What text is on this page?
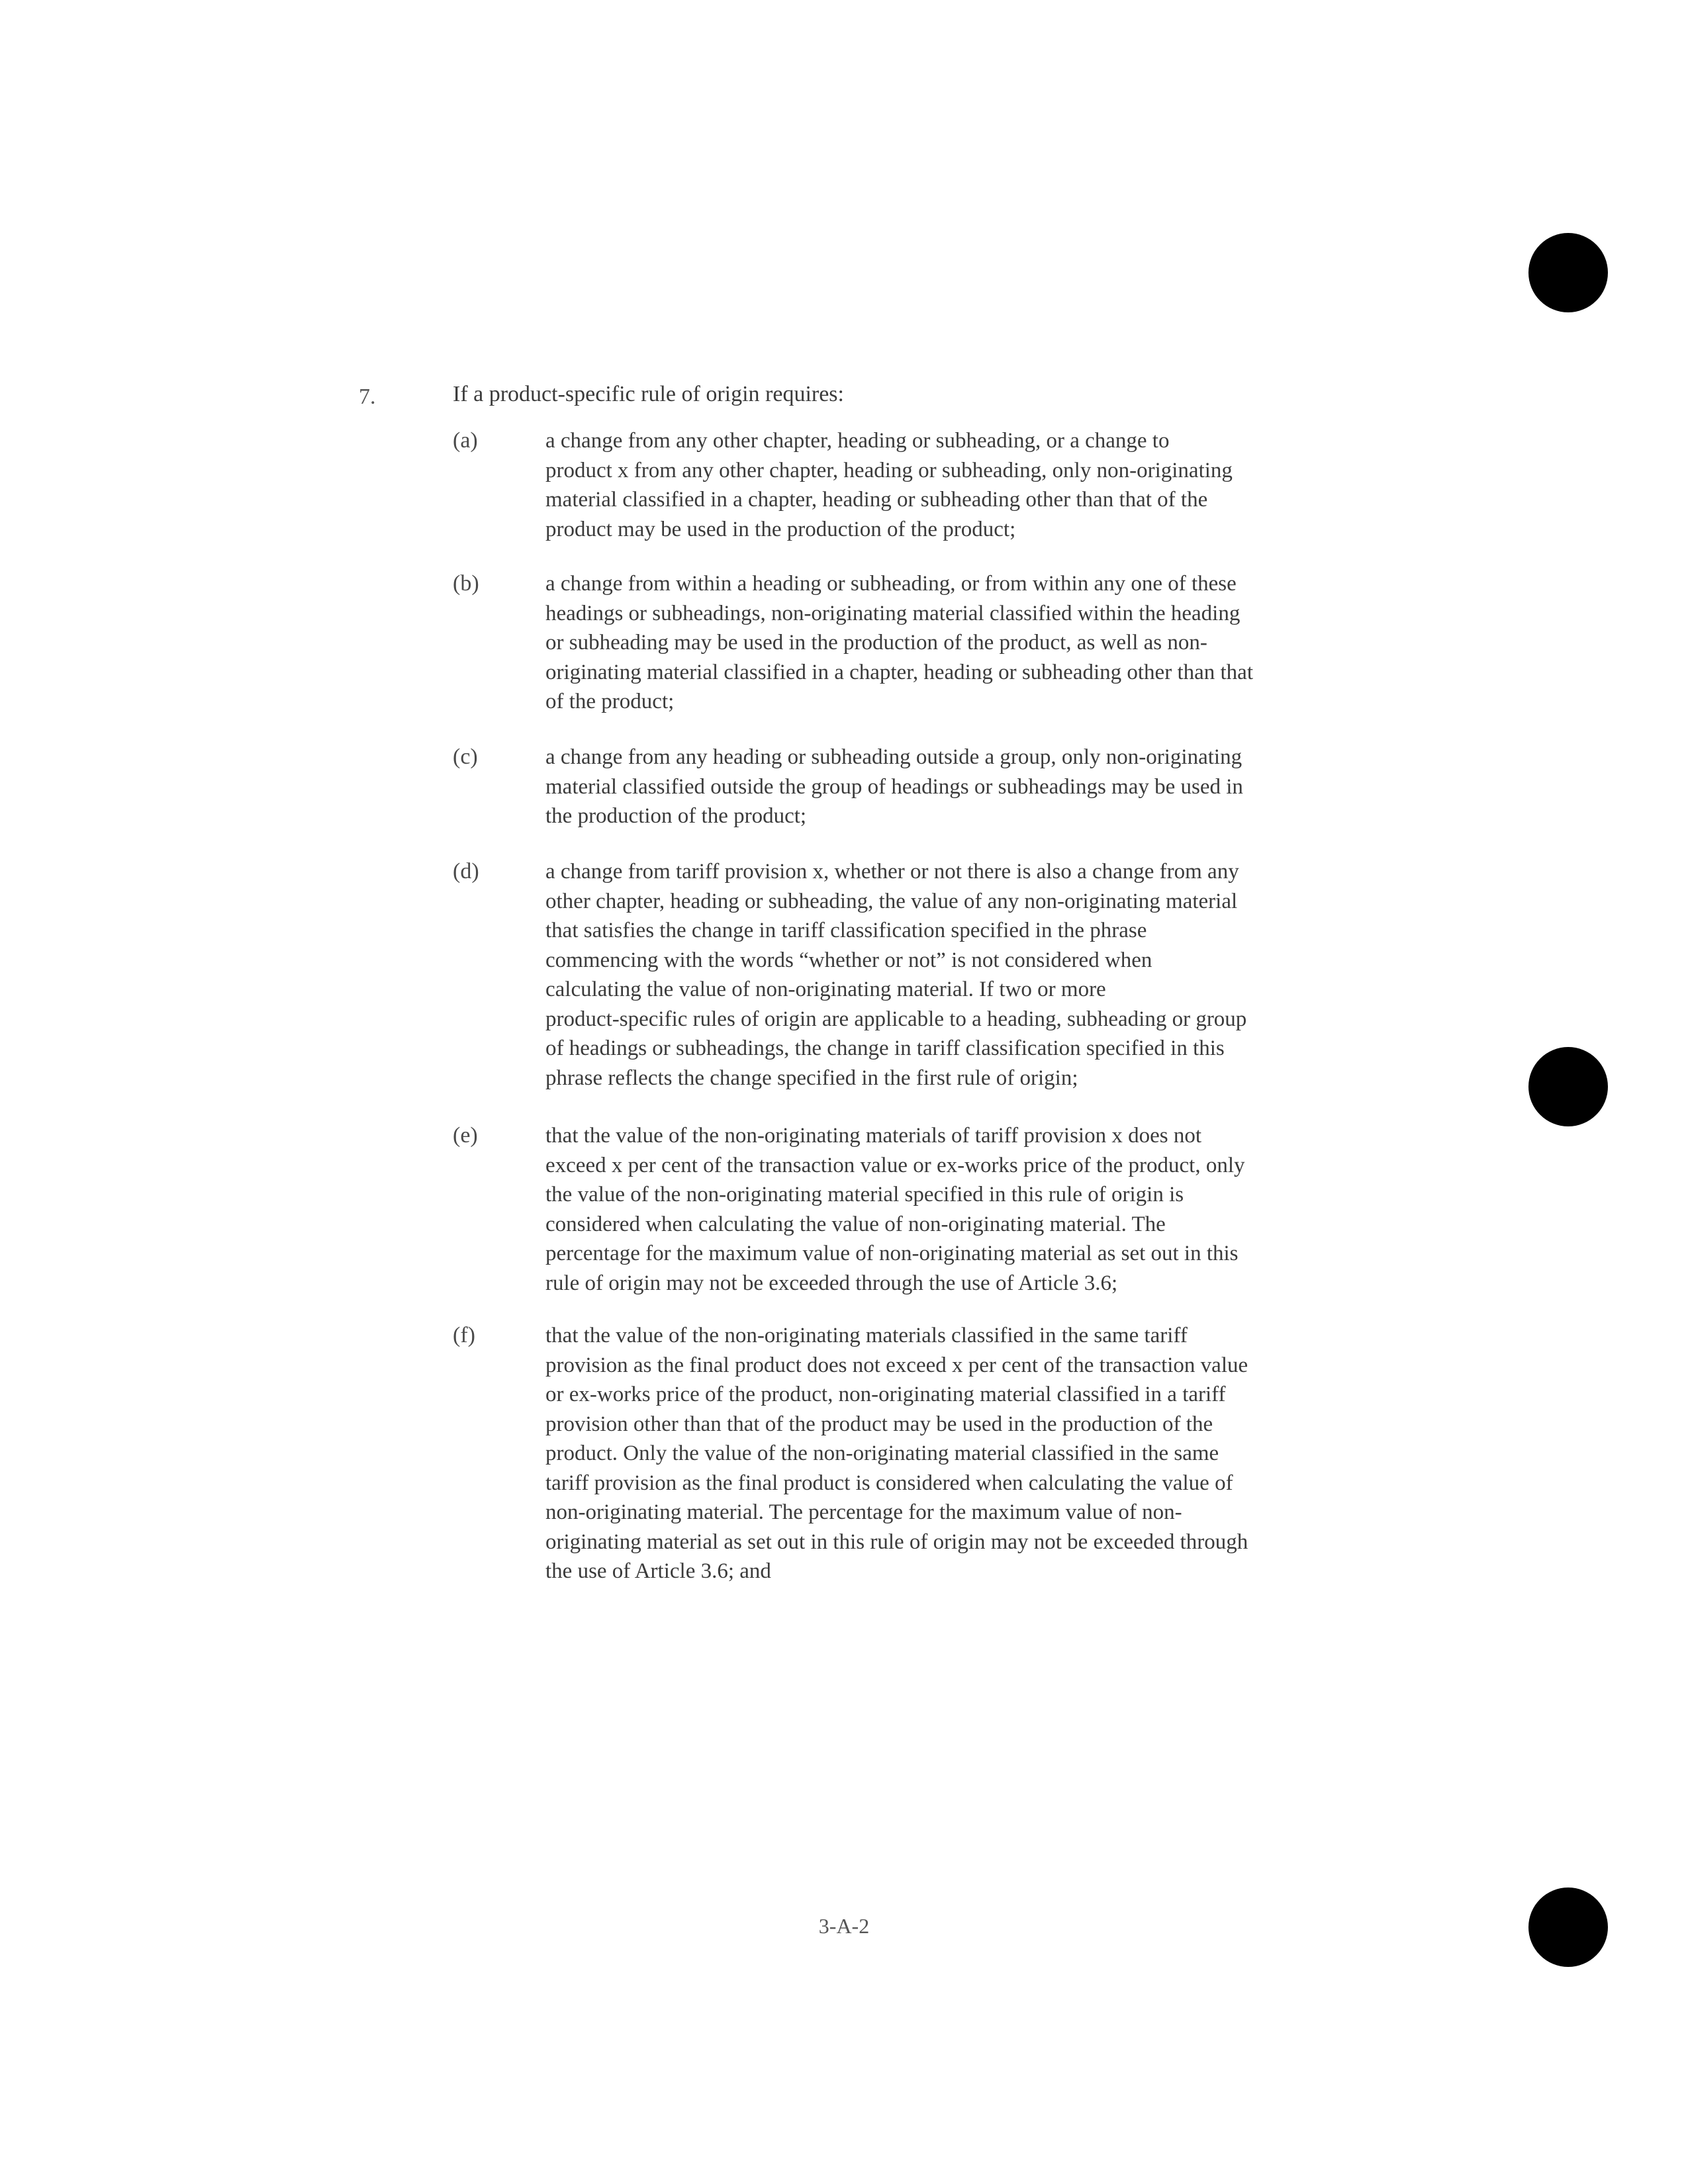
7.	If a product-specific rule of origin requires:
(a)	a change from any other chapter, heading or subheading, or a change to
product x from any other chapter, heading or subheading, only non-originating
material classified in a chapter, heading or subheading other than that of the
product may be used in the production of the product;
(b)	a change from within a heading or subheading, or from within any one of these
headings or subheadings, non-originating material classified within the heading
or subheading may be used in the production of the product, as well as non-
originating material classified in a chapter, heading or subheading other than that
of the product;
(c)	a change from any heading or subheading outside a group, only non-originating
material classified outside the group of headings or subheadings may be used in
the production of the product;
(d)	a change from tariff provision x, whether or not there is also a change from any
other chapter, heading or subheading, the value of any non-originating material
that satisfies the change in tariff classification specified in the phrase
commencing with the words “whether or not” is not considered when
calculating the value of non-originating material. If two or more
product-specific rules of origin are applicable to a heading, subheading or group
of headings or subheadings, the change in tariff classification specified in this
phrase reflects the change specified in the first rule of origin;
(e)	that the value of the non-originating materials of tariff provision x does not
exceed x per cent of the transaction value or ex-works price of the product, only
the value of the non-originating material specified in this rule of origin is
considered when calculating the value of non-originating material. The
percentage for the maximum value of non-originating material as set out in this
rule of origin may not be exceeded through the use of Article 3.6;
(f)	that the value of the non-originating materials classified in the same tariff
provision as the final product does not exceed x per cent of the transaction value
or ex-works price of the product, non-originating material classified in a tariff
provision other than that of the product may be used in the production of the
product. Only the value of the non-originating material classified in the same
tariff provision as the final product is considered when calculating the value of
non-originating material. The percentage for the maximum value of non-
originating material as set out in this rule of origin may not be exceeded through
the use of Article 3.6; and
3-A-2
